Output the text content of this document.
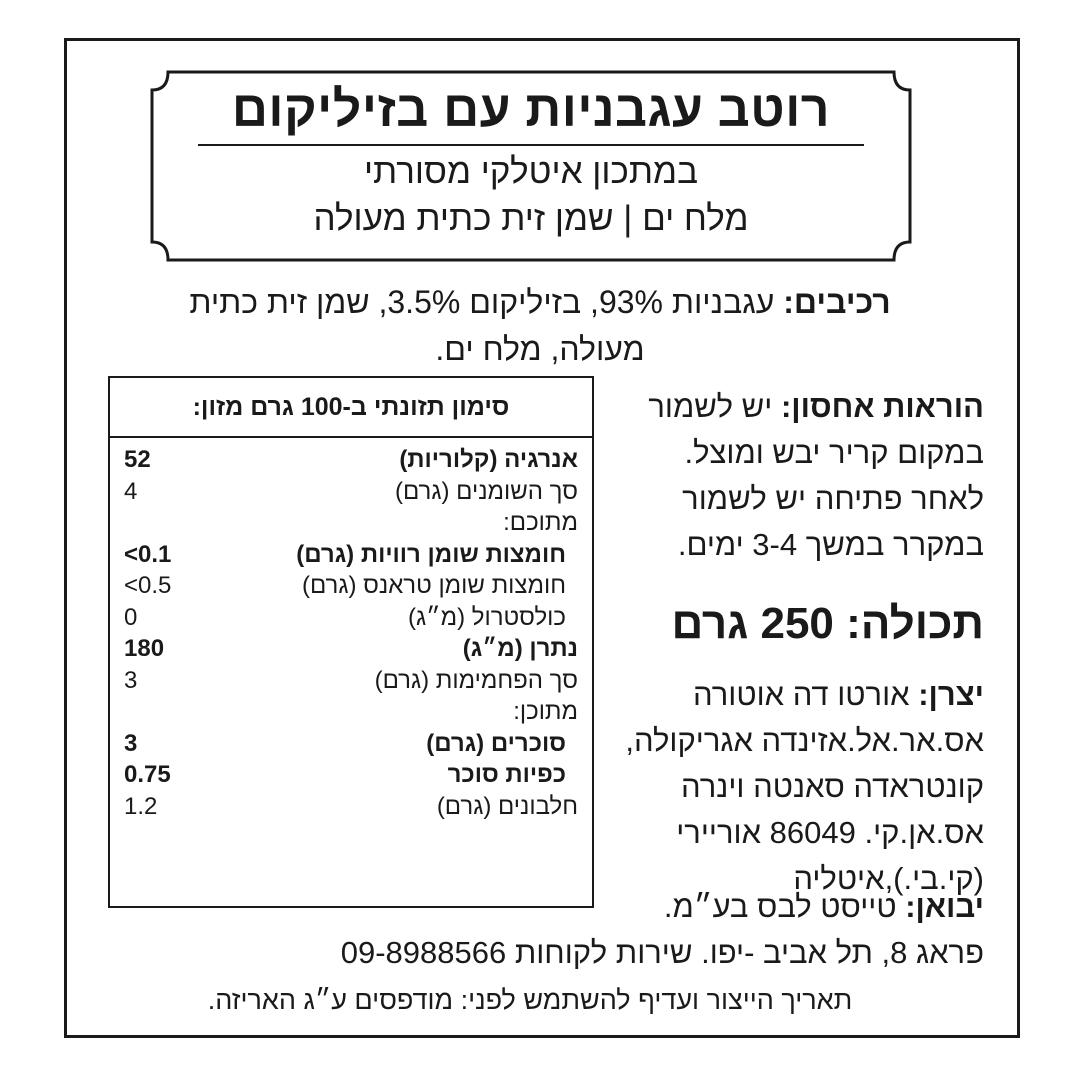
רוטב עגבניות עם בזיליקום
במתכון איטלקי מסורתי
מלח ים | שמן זית כתית מעולה
רכיבים: עגבניות 93%, בזיליקום 3.5%, שמן זית כתית מעולה, מלח ים.
סימון תזונתי ב-100 גרם מזון:
אנרגיה (קלוריות)
52
סך השומנים (גרם)
4
מתוכם:
חומצות שומן רוויות (גרם)
<0.1
חומצות שומן טראנס (גרם)
<0.5
כולסטרול (מ״ג)
0
נתרן (מ״ג)
180
סך הפחמימות (גרם)
3
מתוכן:
סוכרים (גרם)
3
כפיות סוכר
0.75
חלבונים (גרם)
1.2
הוראות אחסון: יש לשמור במקום קריר יבש ומוצל. לאחר פתיחה יש לשמור במקרר במשך 3-4 ימים.
תכולה: 250 גרם
יצרן: אורטו דה אוטורה אס.אר.אל.אזינדה אגריקולה, קונטראדה סאנטה וינרה אס.אן.קי. 86049 אוריירי (קי.בי.),איטליה
יבואן: טייסט לבס בע״מ.
פראג 8, תל אביב -יפו. שירות לקוחות 09-8988566
תאריך הייצור ועדיף להשתמש לפני: מודפסים ע״ג האריזה.
